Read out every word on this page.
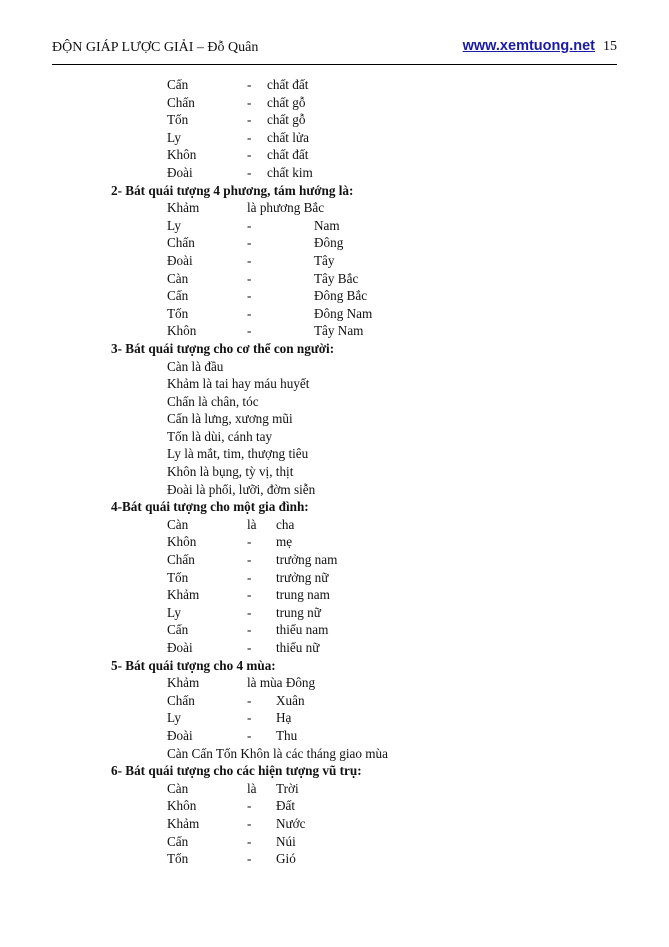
ĐỘN GIÁP LƯỢC GIẢI – Đỗ Quân	www.xemtuong.net 15
Cấn	- chất đất
Chấn	- chất gỗ
Tốn	- chất gỗ
Ly	- chất lửa
Khôn	- chất đất
Đoài	- chất kim
2- Bát quái tượng 4 phương, tám hướng là:
Khảm	là phương Bắc
Ly	-	Nam
Chấn	-	Đông
Đoài	-	Tây
Càn	-	Tây Bắc
Cấn	-	Đông Bắc
Tốn	-	Đông Nam
Khôn	-	Tây Nam
3- Bát quái tượng cho cơ thể con người:
Càn là đầu
Khảm là tai hay máu huyết
Chấn là chân, tóc
Cấn là lưng, xương mũi
Tốn là dùi, cánh tay
Ly là mắt, tim, thượng tiêu
Khôn là bụng, tỳ vị, thịt
Đoài là phổi, lưỡi, đờm siễn
4-Bát quái tượng cho một gia đình:
Càn	là cha
Khôn	- mẹ
Chấn	- trưởng nam
Tốn	- trưởng nữ
Khảm	- trung nam
Ly	- trung nữ
Cấn	- thiếu nam
Đoài	- thiếu nữ
5- Bát quái tượng cho 4 mùa:
Khảm	là mùa Đông
Chấn	- Xuân
Ly	- Hạ
Đoài	- Thu
Càn Cấn Tốn Khôn là các tháng giao mùa
6- Bát quái tượng cho các hiện tượng vũ trụ:
Càn	là Trời
Khôn	- Đất
Khảm	- Nước
Cấn	- Núi
Tốn	- Gió
